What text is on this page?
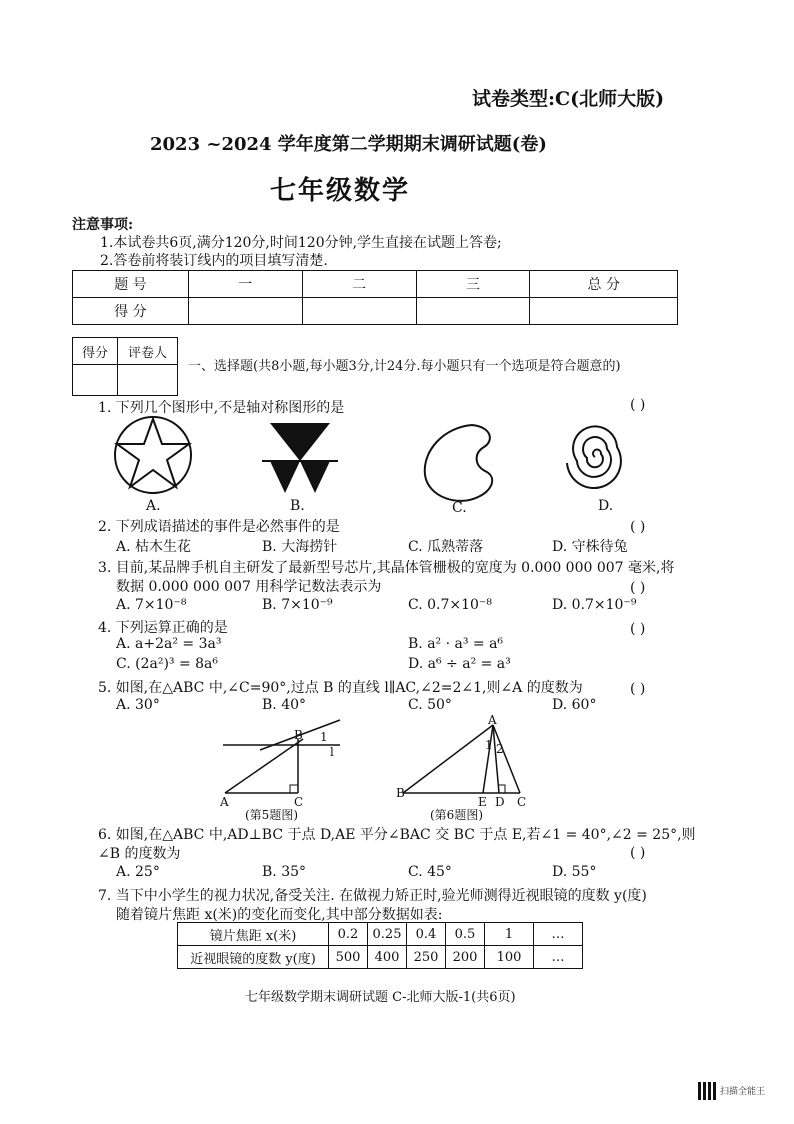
试卷类型:C(北师大版)
2023 ~2024 学年度第二学期期末调研试题(卷)
七年级数学
注意事项:
1.本试卷共6页,满分120分,时间120分钟,学生直接在试题上答卷;
2.答卷前将装订线内的项目填写清楚.
题 号	一	二	三	总 分
得 分				
得分	评卷人

一、选择题(共8小题,每小题3分,计24分.每小题只有一个选项是符合题意的)
1. 下列几个图形中,不是轴对称图形的是	( )
A.	B.	C.	D.
2. 下列成语描述的事件是必然事件的是	( )
A. 枯木生花	B. 大海捞针	C. 瓜熟蒂落	D. 守株待兔
3. 目前,某品牌手机自主研发了最新型号芯片,其晶体管栅极的宽度为 0.000 000 007 毫米,将
数据 0.000 000 007 用科学记数法表示为	( )
A. 7×10⁻⁸	B. 7×10⁻⁹	C. 0.7×10⁻⁸	D. 0.7×10⁻⁹
4. 下列运算正确的是	( )
A. a+2a² = 3a³	B. a² · a³ = a⁶
C. (2a²)³ = 8a⁶	D. a⁶ ÷ a² = a³
5. 如图,在△ABC 中,∠C=90°,过点 B 的直线 l∥AC,∠2=2∠1,则∠A 的度数为	( )
A. 30°	B. 40°	C. 50°	D. 60°
B 1
l
A	C
(第5题图)
A
1 2
B
E D C
(第6题图)
6. 如图,在△ABC 中,AD⊥BC 于点 D,AE 平分∠BAC 交 BC 于点 E,若∠1 = 40°,∠2 = 25°,则
∠B 的度数为	( )
A. 25°	B. 35°	C. 45°	D. 55°
7. 当下中小学生的视力状况,备受关注. 在做视力矫正时,验光师测得近视眼镜的度数 y(度)
随着镜片焦距 x(米)的变化而变化,其中部分数据如表:
镜片焦距 x(米)	0.2	0.25	0.4	0.5	1	…
近视眼镜的度数 y(度)	500	400	250	200	100	…
七年级数学期末调研试题 C-北师大版-1(共6页)
扫描全能王
